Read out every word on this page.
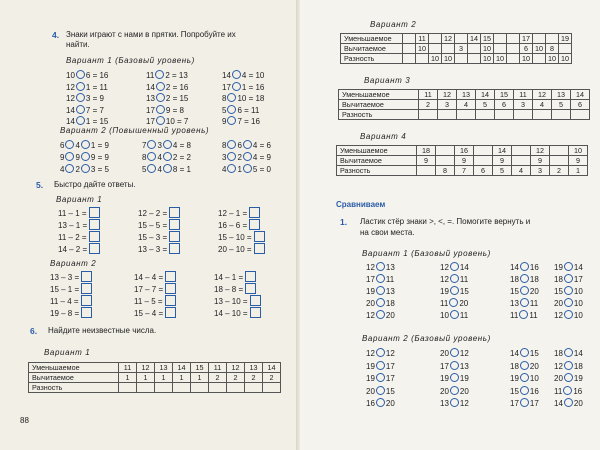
4. Знаки играют с нами в прятки. Попробуйте их
найти.
Вариант 1 (Базовый уровень)
10 6 = 16
12 1 = 11
12 3 = 9
14 7 = 7
14 1 = 15
11 2 = 13
14 2 = 16
13 2 = 15
17 9 = 8
17 10 = 7
14 4 = 10
17 1 = 16
8 10 = 18
5 6 = 11
9 7 = 16
Вариант 2 (Повышенный уровень)
6 4 1 = 9
9 9 9 = 9
4 2 3 = 5
7 3 4 = 8
8 4 2 = 2
5 4 8 = 1
8 6 4 = 6
3 2 4 = 9
4 1 5 = 0
5. Быстро дайте ответы.
Вариант 1
11 – 1 =
13 – 1 =
11 – 2 =
14 – 2 =
12 – 2 =
15 – 5 =
15 – 3 =
13 – 3 =
12 – 1 =
16 – 6 =
15 – 10 =
20 – 10 =
Вариант 2
13 – 3 =
15 – 1 =
11 – 4 =
19 – 8 =
14 – 4 =
17 – 7 =
11 – 5 =
15 – 4 =
14 – 1 =
18 – 8 =
13 – 10 =
14 – 10 =
6. Найдите неизвестные числа.
Вариант 1
Уменьшаемое	11	12	13	14	15	11	12	13	14
Вычитаемое	1	1	1	1	1	2	2	2	2
Разность									
88
Вариант 2
Уменьшаемое		11		12		14	15			17			19
Вычитаемое		10			3		10			6	10	8	
Разность			10	10			10	10		10		10	10
Вариант 3
Уменьшаемое	11	12	13	14	15	11	12	13	14
Вычитаемое	2	3	4	5	6	3	4	5	6
Разность									
Вариант 4
Уменьшаемое	18		16		14		12		10
Вычитаемое	9		9		9		9		9
Разность		8	7	6	5	4	3	2	1
Сравниваем
1. Ластик стёр знаки >, <, =. Помогите вернуть и
на свои места.
Вариант 1 (Базовый уровень)
12 13
17 11
19 13
20 18
12 20
12 14
12 11
19 15
11 20
10 11
14 16
18 18
15 20
13 11
11 11
19 14
18 17
15 10
20 10
12 10
Вариант 2 (Базовый уровень)
12 12
19 17
19 17
20 15
16 20
20 12
17 13
19 19
20 20
13 12
14 15
18 20
19 10
15 16
17 17
18 14
12 18
20 19
11 16
14 20
